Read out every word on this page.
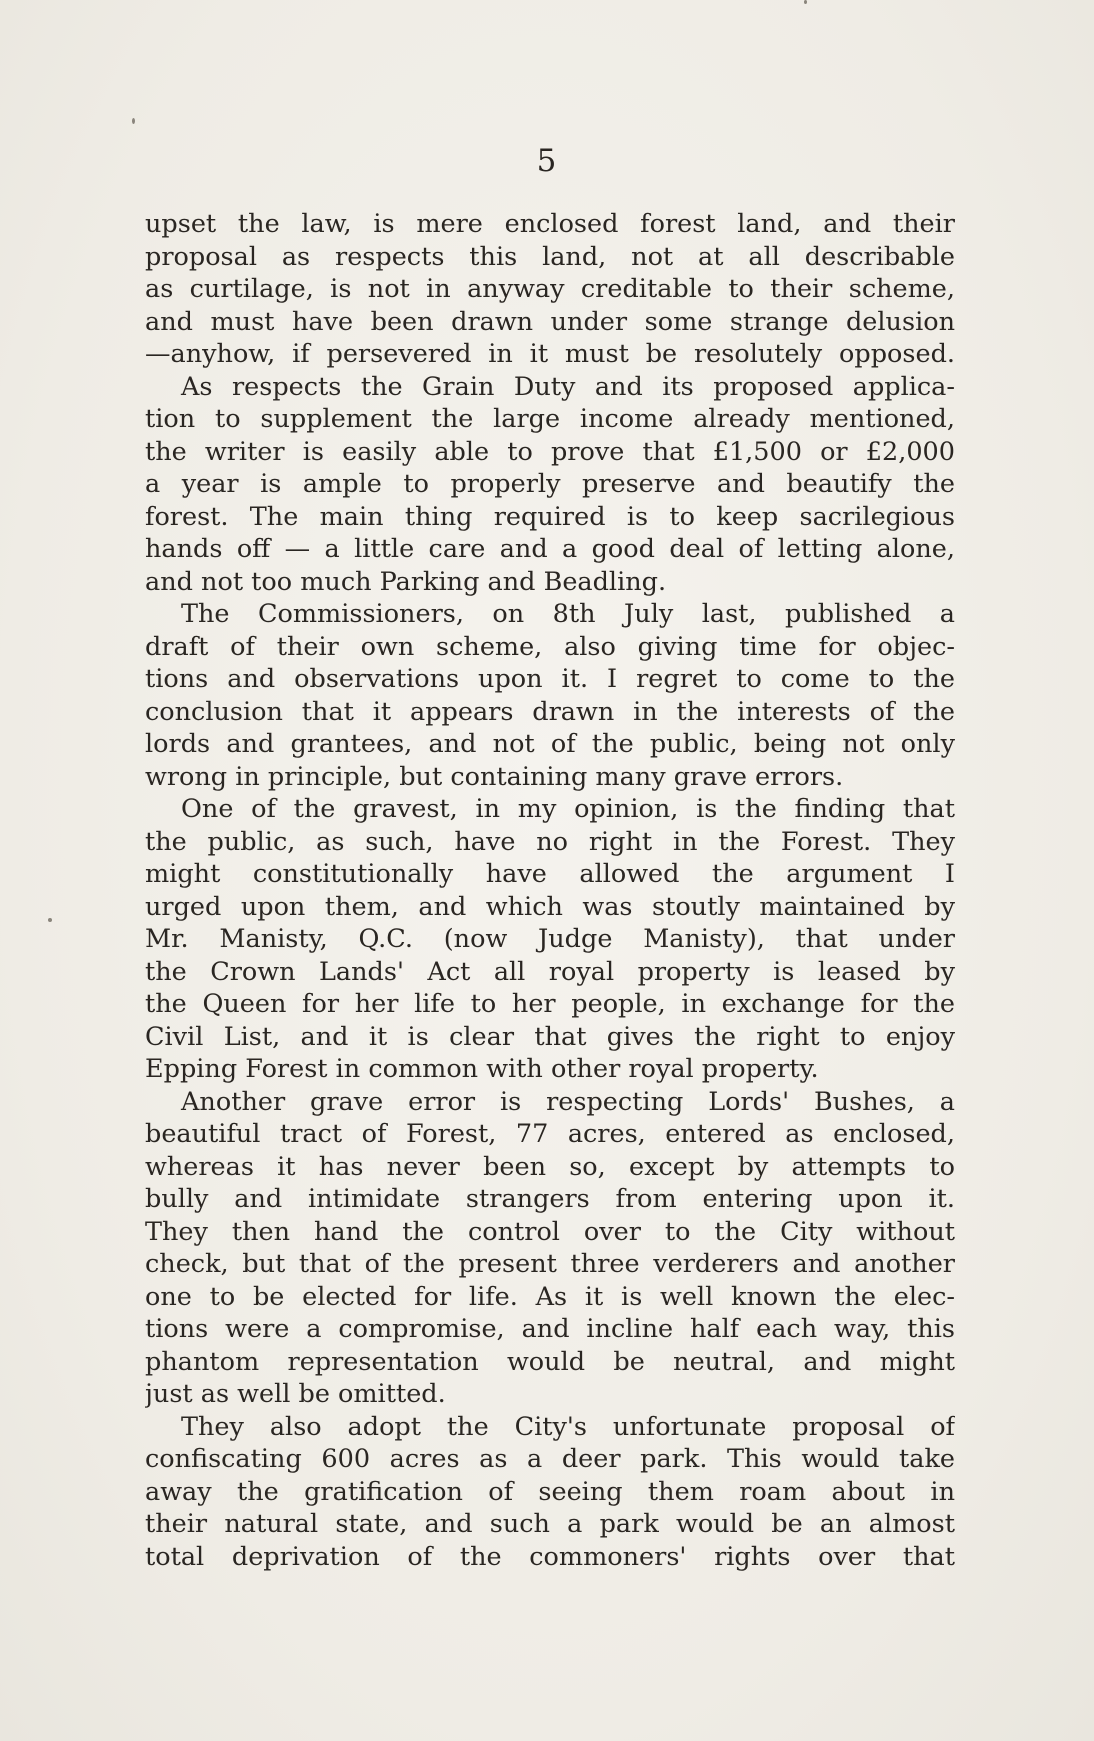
5
upset the law, is mere enclosed forest land, and their
proposal as respects this land, not at all describable
as curtilage, is not in anyway creditable to their scheme,
and must have been drawn under some strange delusion
—anyhow, if persevered in it must be resolutely opposed.
As respects the Grain Duty and its proposed applica-
tion to supplement the large income already mentioned,
the writer is easily able to prove that £1,500 or £2,000
a year is ample to properly preserve and beautify the
forest. The main thing required is to keep sacrilegious
hands off — a little care and a good deal of letting alone,
and not too much Parking and Beadling.
The Commissioners, on 8th July last, published a
draft of their own scheme, also giving time for objec-
tions and observations upon it. I regret to come to the
conclusion that it appears drawn in the interests of the
lords and grantees, and not of the public, being not only
wrong in principle, but containing many grave errors.
One of the gravest, in my opinion, is the finding that
the public, as such, have no right in the Forest. They
might constitutionally have allowed the argument I
urged upon them, and which was stoutly maintained by
Mr. Manisty, Q.C. (now Judge Manisty), that under
the Crown Lands' Act all royal property is leased by
the Queen for her life to her people, in exchange for the
Civil List, and it is clear that gives the right to enjoy
Epping Forest in common with other royal property.
Another grave error is respecting Lords' Bushes, a
beautiful tract of Forest, 77 acres, entered as enclosed,
whereas it has never been so, except by attempts to
bully and intimidate strangers from entering upon it.
They then hand the control over to the City without
check, but that of the present three verderers and another
one to be elected for life. As it is well known the elec-
tions were a compromise, and incline half each way, this
phantom representation would be neutral, and might
just as well be omitted.
They also adopt the City's unfortunate proposal of
confiscating 600 acres as a deer park. This would take
away the gratification of seeing them roam about in
their natural state, and such a park would be an almost
total deprivation of the commoners' rights over that
